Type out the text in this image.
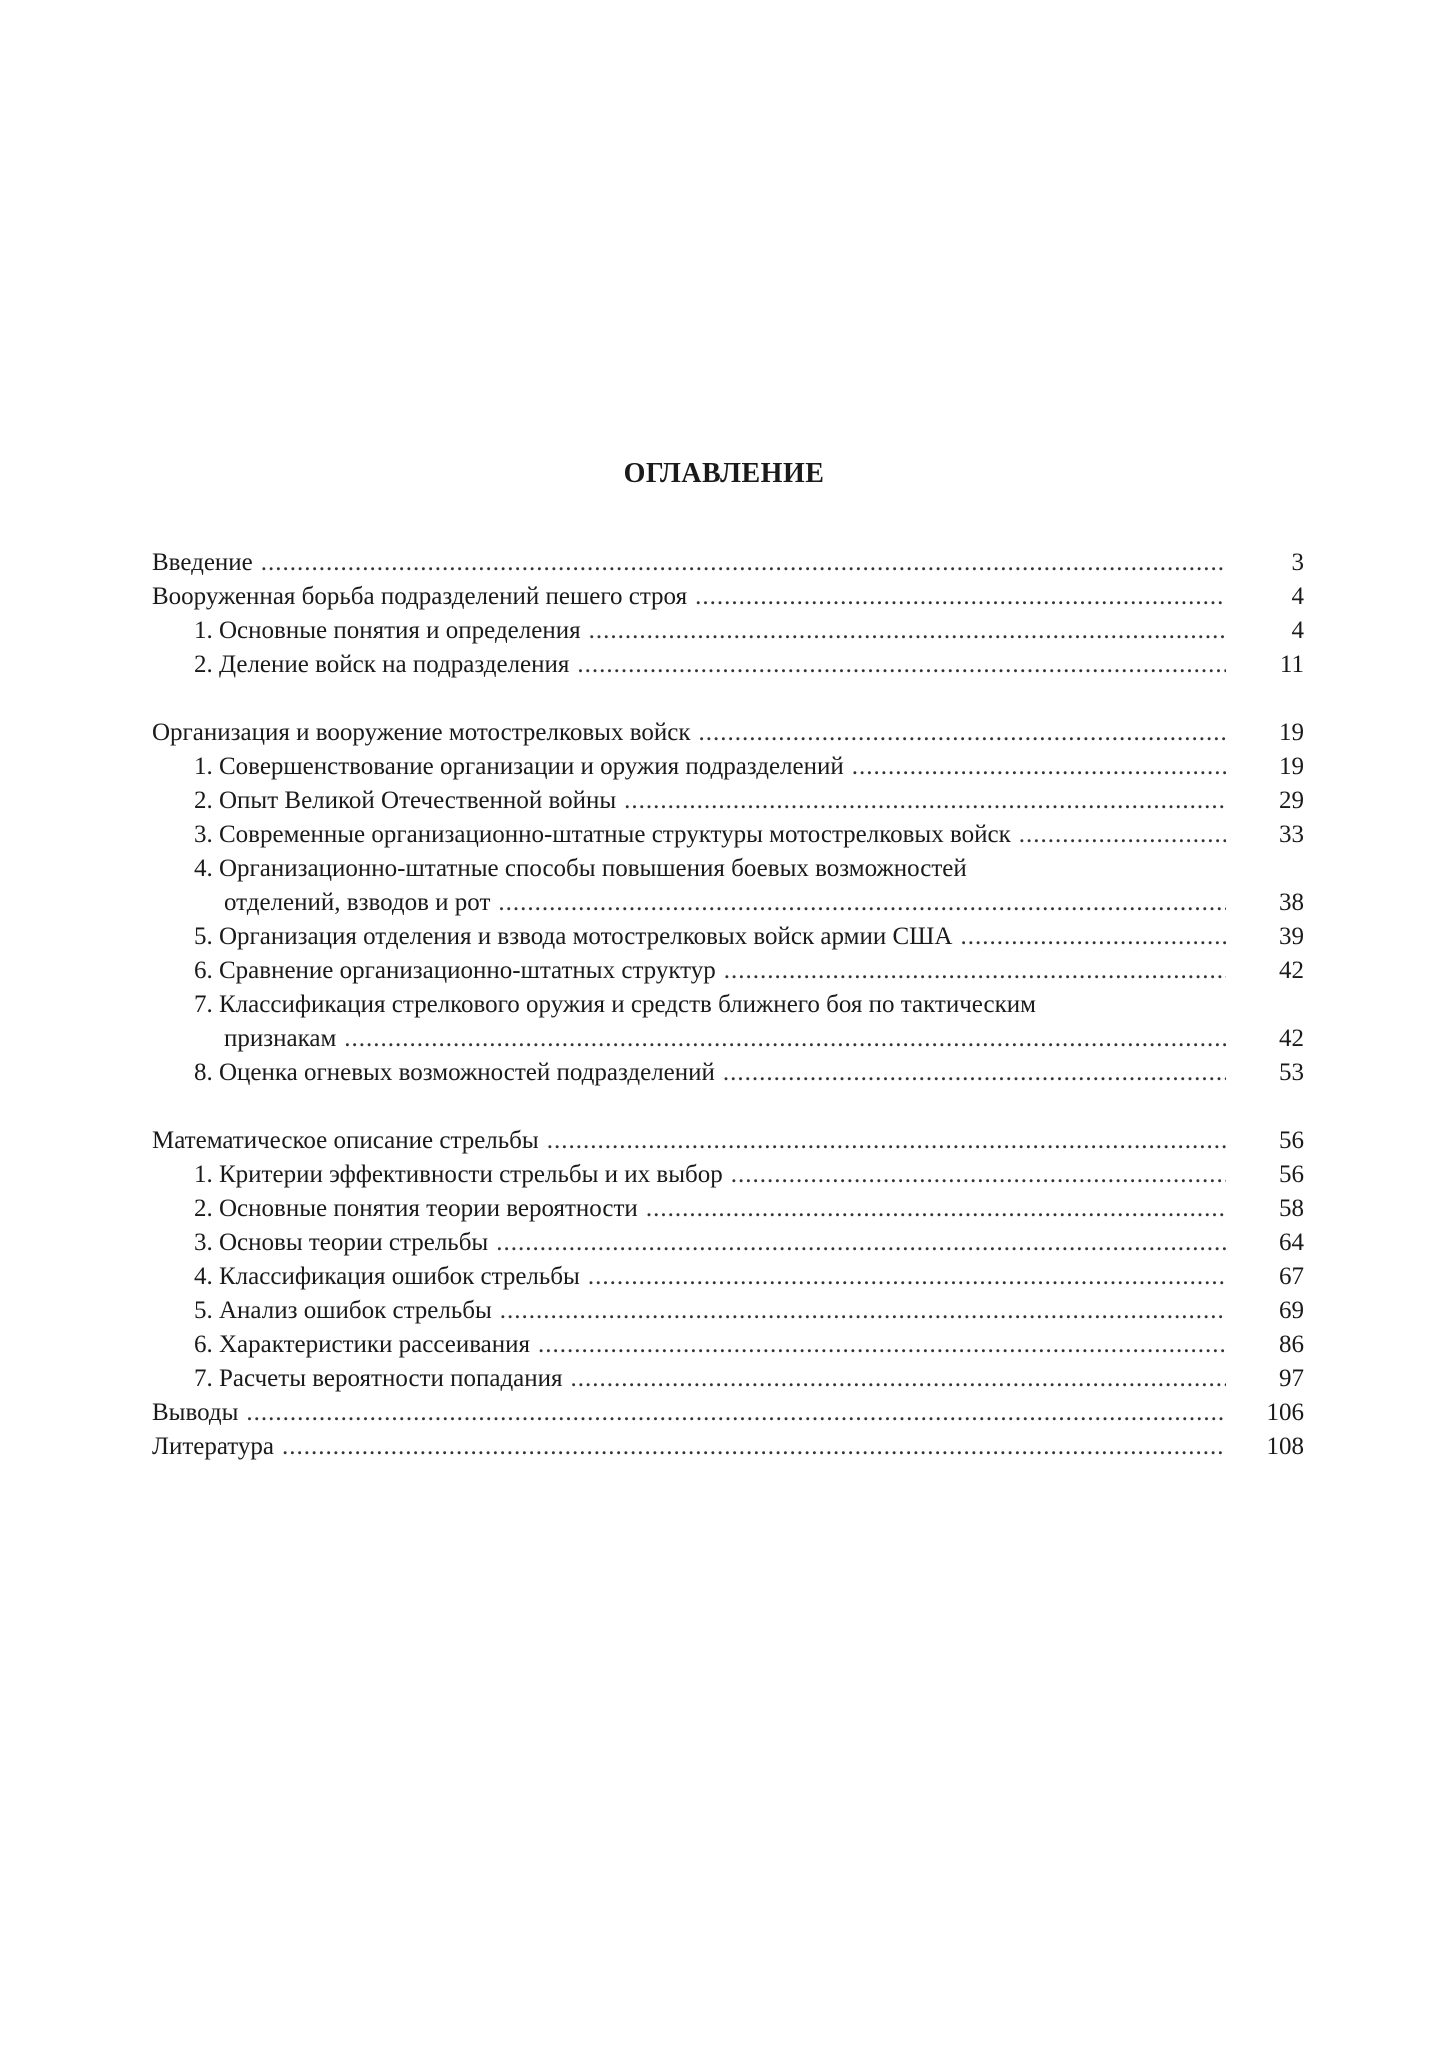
ОГЛАВЛЕНИЕ
Введение .....	3
Вооруженная борьба подразделений пешего строя .....	4
1. Основные понятия и определения .....	4
2. Деление войск на подразделения .....	11
Организация и вооружение мотострелковых войск .....	19
1. Совершенствование организации и оружия подразделений .....	19
2. Опыт Великой Отечественной войны .....	29
3. Современные организационно-штатные структуры мотострелковых войск .....	33
4. Организационно-штатные способы повышения боевых возможностей
отделений, взводов и рот .....	38
5. Организация отделения и взвода мотострелковых войск армии США .....	39
6. Сравнение организационно-штатных структур .....	42
7. Классификация стрелкового оружия и средств ближнего боя по тактическим
признакам .....	42
8. Оценка огневых возможностей подразделений .....	53
Математическое описание стрельбы .....	56
1. Критерии эффективности стрельбы и их выбор .....	56
2. Основные понятия теории вероятности .....	58
3. Основы теории стрельбы .....	64
4. Классификация ошибок стрельбы .....	67
5. Анализ ошибок стрельбы .....	69
6. Характеристики рассеивания .....	86
7. Расчеты вероятности попадания .....	97
Выводы .....	106
Литература .....	108
